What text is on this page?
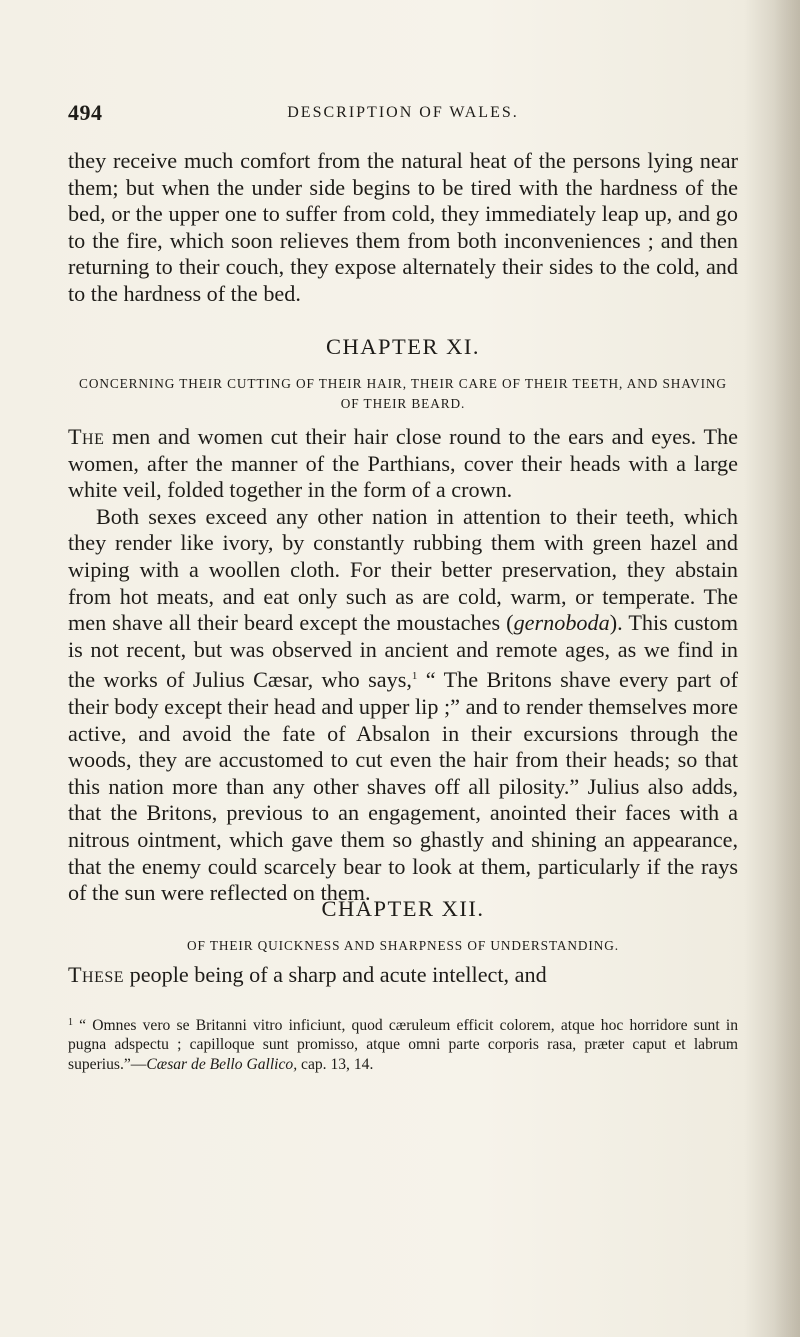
494	DESCRIPTION OF WALES.

they receive much comfort from the natural heat of the persons lying near them; but when the under side begins to be tired with the hardness of the bed, or the upper one to suffer from cold, they immediately leap up, and go to the fire, which soon relieves them from both inconveniences ; and then returning to their couch, they expose alternately their sides to the cold, and to the hardness of the bed.

CHAPTER XI.

CONCERNING THEIR CUTTING OF THEIR HAIR, THEIR CARE OF THEIR TEETH, AND SHAVING OF THEIR BEARD.

The men and women cut their hair close round to the ears and eyes. The women, after the manner of the Parthians, cover their heads with a large white veil, folded together in the form of a crown.

Both sexes exceed any other nation in attention to their teeth, which they render like ivory, by constantly rubbing them with green hazel and wiping with a woollen cloth. For their better preservation, they abstain from hot meats, and eat only such as are cold, warm, or temperate. The men shave all their beard except the moustaches (gernoboda). This custom is not recent, but was observed in ancient and remote ages, as we find in the works of Julius Cæsar, who says,$^1$ “ The Britons shave every part of their body except their head and upper lip ;” and to render themselves more active, and avoid the fate of Absalon in their excursions through the woods, they are accustomed to cut even the hair from their heads; so that this nation more than any other shaves off all pilosity.” Julius also adds, that the Britons, previous to an engagement, anointed their faces with a nitrous ointment, which gave them so ghastly and shining an appearance, that the enemy could scarcely bear to look at them, particularly if the rays of the sun were reflected on them.

CHAPTER XII.

OF THEIR QUICKNESS AND SHARPNESS OF UNDERSTANDING.

These people being of a sharp and acute intellect, and

$^1$ “ Omnes vero se Britanni vitro inficiunt, quod cæruleum efficit colorem, atque hoc horridore sunt in pugna adspectu ; capilloque sunt promisso, atque omni parte corporis rasa, præter caput et labrum superius.”—Cæsar de Bello Gallico, cap. 13, 14.
